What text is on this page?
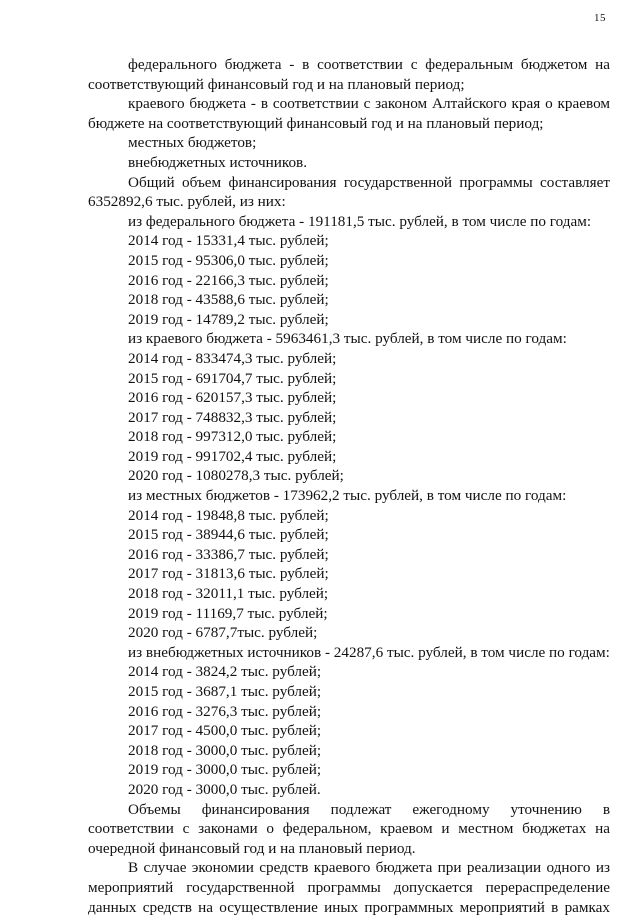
15

федерального бюджета - в соответствии с федеральным бюджетом на соответствующий финансовый год и на плановый период;

краевого бюджета - в соответствии с законом Алтайского края о краевом бюджете на соответствующий финансовый год и на плановый период;

местных бюджетов;

внебюджетных источников.

Общий объем финансирования государственной программы составляет 6352892,6 тыс. рублей, из них:

из федерального бюджета - 191181,5 тыс. рублей, в том числе по годам:

2014 год - 15331,4 тыс. рублей;
2015 год - 95306,0 тыс. рублей;
2016 год - 22166,3 тыс. рублей;
2018 год - 43588,6 тыс. рублей;
2019 год - 14789,2 тыс. рублей;

из краевого бюджета - 5963461,3 тыс. рублей, в том числе по годам:

2014 год - 833474,3 тыс. рублей;
2015 год - 691704,7 тыс. рублей;
2016 год - 620157,3 тыс. рублей;
2017 год - 748832,3 тыс. рублей;
2018 год - 997312,0 тыс. рублей;
2019 год - 991702,4 тыс. рублей;
2020 год - 1080278,3 тыс. рублей;

из местных бюджетов - 173962,2 тыс. рублей, в том числе по годам:

2014 год - 19848,8 тыс. рублей;
2015 год - 38944,6 тыс. рублей;
2016 год - 33386,7 тыс. рублей;
2017 год - 31813,6 тыс. рублей;
2018 год - 32011,1 тыс. рублей;
2019 год - 11169,7 тыс. рублей;
2020 год - 6787,7тыс. рублей;

из внебюджетных источников - 24287,6 тыс. рублей, в том числе по годам:

2014 год - 3824,2 тыс. рублей;
2015 год - 3687,1 тыс. рублей;
2016 год - 3276,3 тыс. рублей;
2017 год - 4500,0 тыс. рублей;
2018 год - 3000,0 тыс. рублей;
2019 год - 3000,0 тыс. рублей;
2020 год - 3000,0 тыс. рублей.

Объемы финансирования подлежат ежегодному уточнению в соответствии с законами о федеральном, краевом и местном бюджетах на очередной финансовый год и на плановый период.

В случае экономии средств краевого бюджета при реализации одного из мероприятий государственной программы допускается перераспределение данных средств на осуществление иных программных мероприятий в рамках
